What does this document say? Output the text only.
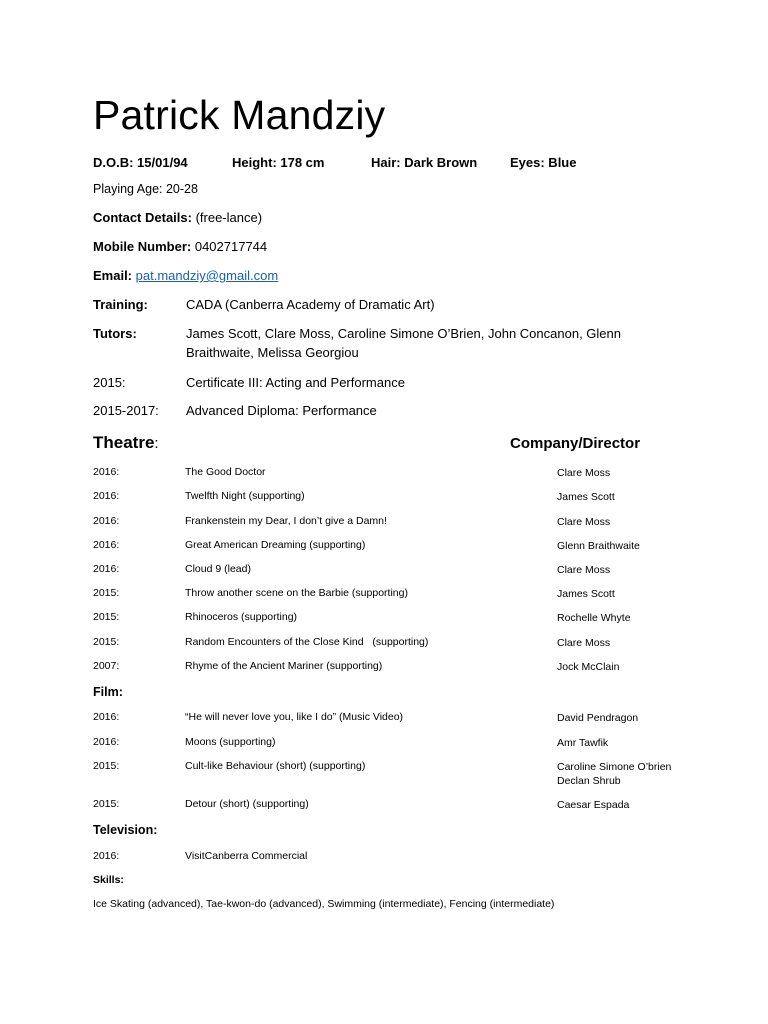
Patrick Mandziy
D.O.B: 15/01/94	Height: 178 cm	Hair: Dark Brown	Eyes: Blue
Playing Age: 20-28
Contact Details: (free-lance)
Mobile Number: 0402717744
Email: pat.mandziy@gmail.com
Training:	CADA (Canberra Academy of Dramatic Art)
Tutors:	James Scott, Clare Moss, Caroline Simone O’Brien, John Concanon, Glenn
Braithwaite, Melissa Georgiou
2015:	Certificate III: Acting and Performance
2015-2017: Advanced Diploma: Performance
Theatre:	Company/Director
2016:	The Good Doctor	Clare Moss
2016:	Twelfth Night (supporting)	James Scott
2016:	Frankenstein my Dear, I don’t give a Damn!	Clare Moss
2016:	Great American Dreaming (supporting)	Glenn Braithwaite
2016:	Cloud 9 (lead)	Clare Moss
2015:	Throw another scene on the Barbie (supporting)	James Scott
2015:	Rhinoceros (supporting)	Rochelle Whyte
2015:	Random Encounters of the Close Kind   (supporting)	Clare Moss
2007:	Rhyme of the Ancient Mariner (supporting)	Jock McClain
Film:
2016:	“He will never love you, like I do” (Music Video)	David Pendragon
2016:	Moons (supporting)	Amr Tawfik
2015:	Cult-like Behaviour (short) (supporting)	Caroline Simone O’brien
Declan Shrub
2015:	Detour (short) (supporting)	Caesar Espada
Television:
2016:	VisitCanberra Commercial
Skills:
Ice Skating (advanced), Tae-kwon-do (advanced), Swimming (intermediate), Fencing (intermediate)
